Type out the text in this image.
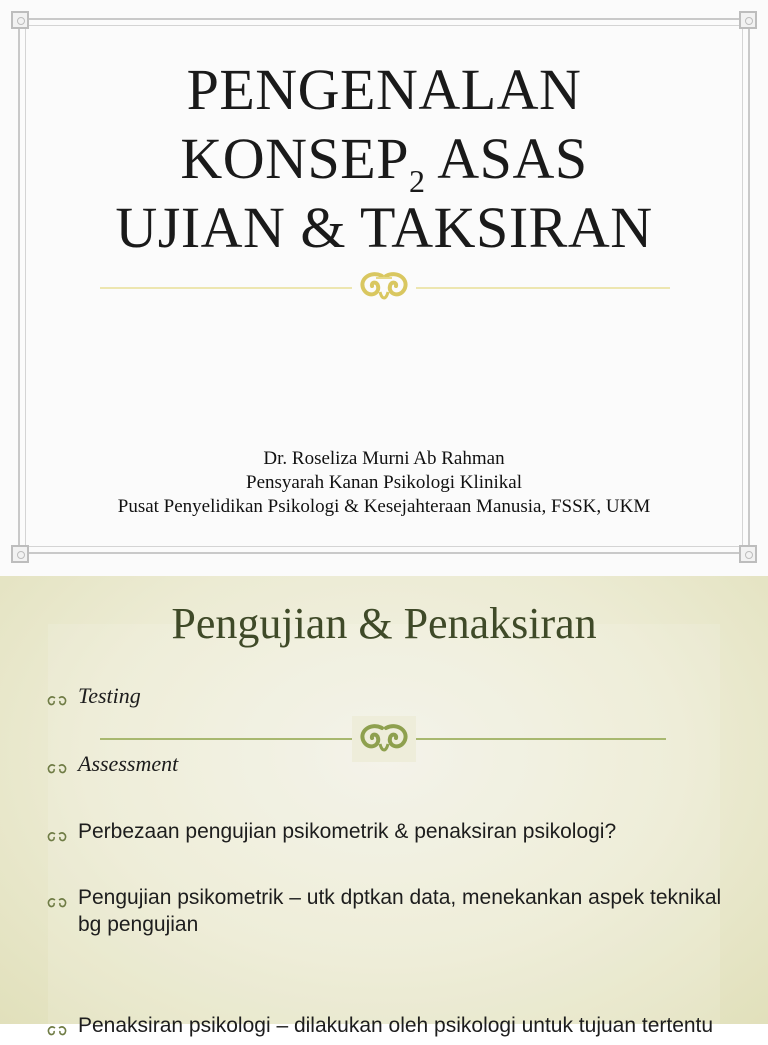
PENGENALAN
$KONSEP_2$ ASAS
UJIAN & TAKSIRAN
Dr. Roseliza Murni Ab Rahman
Pensyarah Kanan Psikologi Klinikal
Pusat Penyelidikan Psikologi & Kesejahteraan Manusia, FSSK, UKM
Pengujian & Penaksiran
Testing
Assessment
Perbezaan pengujian psikometrik & penaksiran psikologi?
Pengujian psikometrik – utk dptkan data, menekankan aspek teknikal bg pengujian
Penaksiran psikologi – dilakukan oleh psikologi untuk tujuan tertentu
